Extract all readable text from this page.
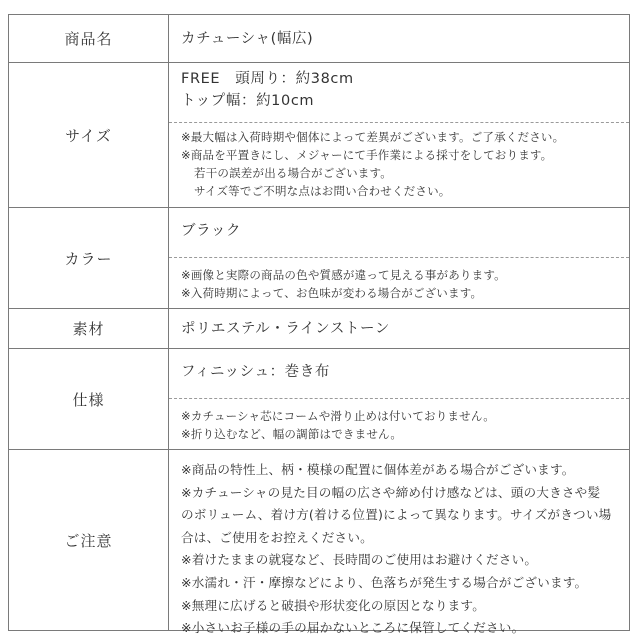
商品名	カチューシャ(幅広)
サイズ
FREE　頭周り：約38cm
トップ幅：約10cm
※最大幅は入荷時期や個体によって差異がございます。ご了承ください。
※商品を平置きにし、メジャーにて手作業による採寸をしております。
若干の誤差が出る場合がございます。
サイズ等でご不明な点はお問い合わせください。
カラー
ブラック
※画像と実際の商品の色や質感が違って見える事があります。
※入荷時期によって、お色味が変わる場合がございます。
素材	ポリエステル・ラインストーン
仕様
フィニッシュ：巻き布
※カチューシャ芯にコームや滑り止めは付いておりません。
※折り込むなど、幅の調節はできません。
ご注意
※商品の特性上、柄・模様の配置に個体差がある場合がございます。
※カチューシャの見た目の幅の広さや締め付け感などは、頭の大きさや髪
のボリューム、着け方(着ける位置)によって異なります。サイズがきつい場
合は、ご使用をお控えください。
※着けたままの就寝など、長時間のご使用はお避けください。
※水濡れ・汗・摩擦などにより、色落ちが発生する場合がございます。
※無理に広げると破損や形状変化の原因となります。
※小さいお子様の手の届かないところに保管してください。
